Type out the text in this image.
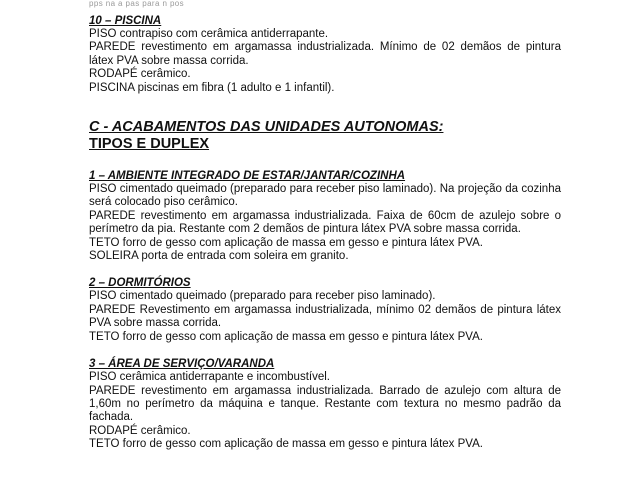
pps na a pas para n pos

10 – PISCINA

PISO contrapiso com cerâmica antiderrapante.

PAREDE revestimento em argamassa industrializada. Mínimo de 02 demãos de pintura látex PVA sobre massa corrida.

RODAPÉ cerâmico.

PISCINA piscinas em fibra (1 adulto e 1 infantil).

C - ACABAMENTOS DAS UNIDADES AUTONOMAS:

TIPOS E DUPLEX

1 – AMBIENTE INTEGRADO DE ESTAR/JANTAR/COZINHA

PISO cimentado queimado (preparado para receber piso laminado). Na projeção da cozinha será colocado piso cerâmico.

PAREDE revestimento em argamassa industrializada. Faixa de 60cm de azulejo sobre o perímetro da pia. Restante com 2 demãos de pintura látex PVA sobre massa corrida.

TETO forro de gesso com aplicação de massa em gesso e pintura látex PVA.

SOLEIRA porta de entrada com soleira em granito.

2 – DORMITÓRIOS

PISO cimentado queimado (preparado para receber piso laminado).

PAREDE Revestimento em argamassa industrializada, mínimo 02 demãos de pintura látex PVA sobre massa corrida.

TETO forro de gesso com aplicação de massa em gesso e pintura látex PVA.

3 – ÁREA DE SERVIÇO/VARANDA

PISO cerâmica antiderrapante e incombustível.

PAREDE revestimento em argamassa industrializada. Barrado de azulejo com altura de 1,60m no perímetro da máquina e tanque. Restante com textura no mesmo padrão da fachada.

RODAPÉ cerâmico.

TETO forro de gesso com aplicação de massa em gesso e pintura látex PVA.
